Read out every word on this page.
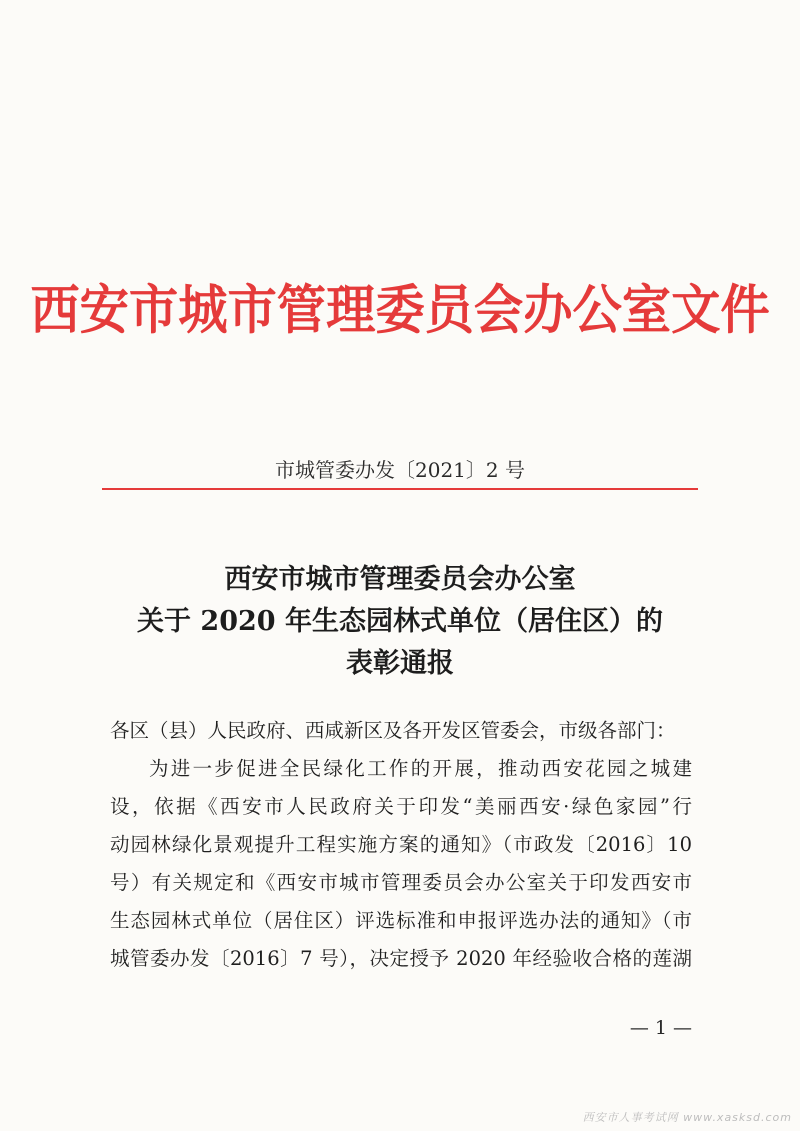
西安市城市管理委员会办公室文件
市城管委办发〔2021〕2 号
西安市城市管理委员会办公室
关于 2020 年生态园林式单位（居住区）的
表彰通报
各区（县）人民政府、西咸新区及各开发区管委会，市级各部门：
为进一步促进全民绿化工作的开展，推动西安花园之城建
设，依据《西安市人民政府关于印发“美丽西安·绿色家园”行
动园林绿化景观提升工程实施方案的通知》（市政发〔2016〕10
号）有关规定和《西安市城市管理委员会办公室关于印发西安市
生态园林式单位（居住区）评选标准和申报评选办法的通知》（市
城管委办发〔2016〕7 号），决定授予 2020 年经验收合格的莲湖
— 1 —
西安市人事考试网 www.xasksd.com
